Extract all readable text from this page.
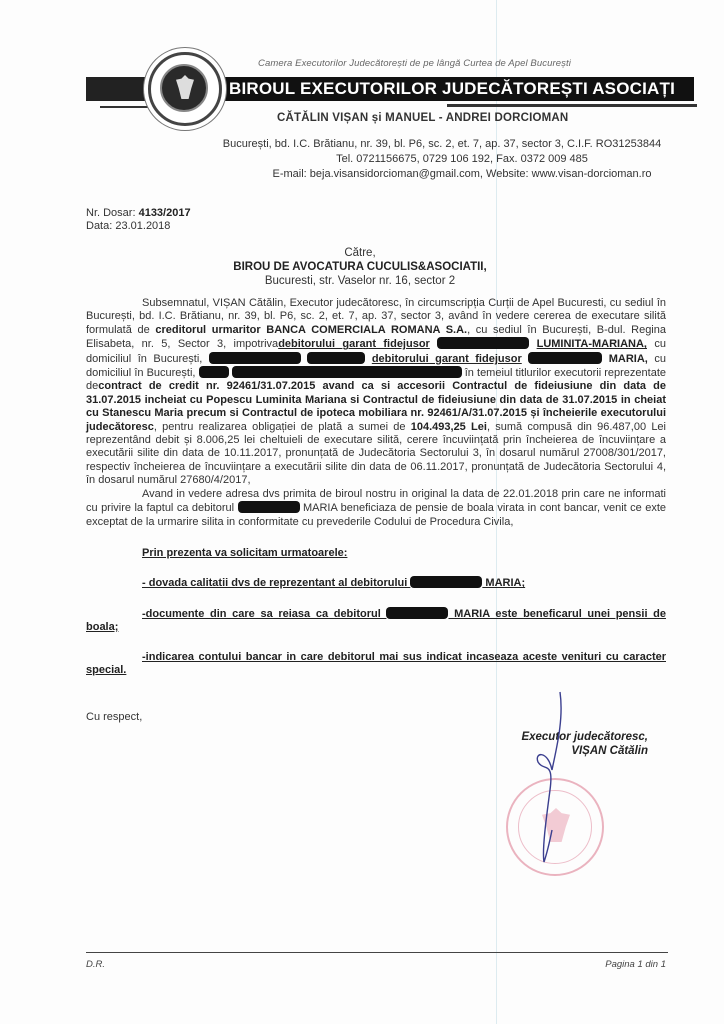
Camera Executorilor Judecătorești de pe lângă Curtea de Apel București
BIROUL EXECUTORILOR JUDECĂTOREȘTI ASOCIAȚI
CĂTĂLIN VIȘAN și MANUEL - ANDREI DORCIOMAN
București, bd. I.C. Brătianu, nr. 39, bl. P6, sc. 2, et. 7, ap. 37, sector 3, C.I.F. RO31253844
Tel. 0721156675, 0729 106 192, Fax. 0372 009 485
E-mail: beja.visansidorcioman@gmail.com, Website: www.visan-dorcioman.ro
Nr. Dosar: 4133/2017
Data: 23.01.2018
Către,
BIROU DE AVOCATURA CUCULIS&ASOCIATII,
Bucuresti, str. Vaselor nr. 16, sector 2

Subsemnatul, VIȘAN Cătălin, Executor judecătoresc, în circumscripția Curții de Apel Bucuresti, cu sediul în București, bd. I.C. Brătianu, nr. 39, bl. P6, sc. 2, et. 7, ap. 37, sector 3, având în vedere cererea de executare silită formulată de creditorul urmaritor BANCA COMERCIALA ROMANA S.A., cu sediul în București, B-dul. Regina Elisabeta, nr. 5, Sector 3, impotrivadebitorului garant fidejusor	LUMINITA-MARIANA, cu domiciliul în București,	debitorului garant fidejusor	MARIA, cu domiciliul în București,	în temeiul titlurilor executorii reprezentate decontract de credit nr. 92461/31.07.2015 avand ca si accesorii Contractul de fideiusiune din data de 31.07.2015 incheiat cu Popescu Luminita Mariana si Contractul de fideiusiune din data de 31.07.2015 in cheiat cu Stanescu Maria precum si Contractul de ipoteca mobiliara nr. 92461/A/31.07.2015 și încheierile executorului judecătoresc, pentru realizarea obligației de plată a sumei de 104.493,25 Lei, sumă compusă din 96.487,00 Lei reprezentând debit și 8.006,25 lei cheltuieli de executare silită, cerere încuviințată prin încheierea de încuviințare a executării silite din data de 10.11.2017, pronunțată de Judecătoria Sectorului 3, în dosarul numărul 27008/301/2017, respectiv încheierea de încuviințare a executării silite din data de 06.11.2017, pronunțată de Judecătoria Sectorului 4, în dosarul numărul 27680/4/2017,

Avand in vedere adresa dvs primita de biroul nostru in original la data de 22.01.2018 prin care ne informati cu privire la faptul ca debitorul	MARIA beneficiaza de pensie de boala virata in cont bancar, venit ce exte exceptat de la urmarire silita in conformitate cu prevederile Codului de Procedura Civila,

Prin prezenta va solicitam urmatoarele:

- dovada calitatii dvs de reprezentant al debitorului	MARIA;

-documente din care sa reiasa ca debitorul	MARIA este beneficarul unei pensii de boala;

-indicarea contului bancar in care debitorul mai sus indicat incaseaza aceste venituri cu caracter special.

Cu respect,
Executor judecătoresc,
VIȘAN Cătălin
D.R.	Pagina 1 din 1
